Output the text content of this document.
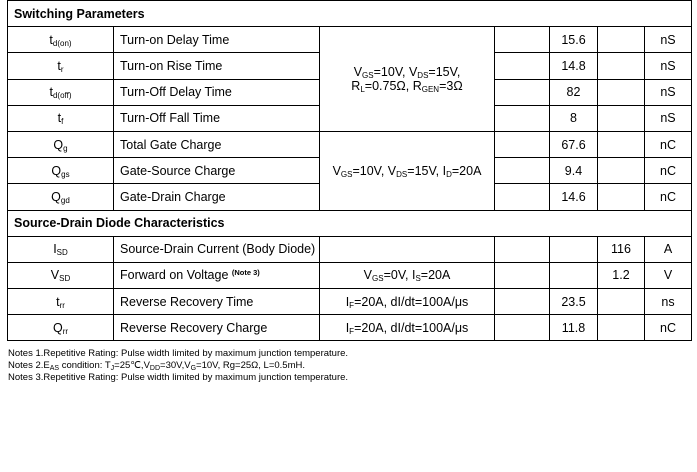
Switching Parameters						
$t_{d(on)}$	Turn-on Delay Time	$V_{GS}=10V$, $V_{DS}=15V$,
$R_L=0.75\Omega$, $R_{GEN}=3\Omega$		15.6		nS
$t_r$	Turn-on Rise Time			14.8		nS
$t_{d(off)}$	Turn-Off Delay Time			82		nS
$t_f$	Turn-Off Fall Time			8		nS
$Q_g$	Total Gate Charge	$V_{GS}=10V$, $V_{DS}=15V$, $I_D=20A$		67.6		nC
$Q_{gs}$	Gate-Source Charge			9.4		nC
$Q_{gd}$	Gate-Drain Charge			14.6		nC
Source-Drain Diode Characteristics						
$I_{SD}$	Source-Drain Current (Body Diode)				116	A
$V_{SD}$	Forward on Voltage $^{(Note 3)}$	$V_{GS}=0V$, $I_S=20A$			1.2	V
$t_{rr}$	Reverse Recovery Time	$I_F=20A$, dI/dt=100A/μs		23.5		ns
$Q_{rr}$	Reverse Recovery Charge	$I_F=20A$, dI/dt=100A/μs		11.8		nC
Notes 1.Repetitive Rating: Pulse width limited by maximum junction temperature.
Notes $2.E_{AS}$ condition: $T_J=25℃,V_{DD}=30V,V_G=10V$, Rg=25Ω, L=0.5mH.
Notes 3.Repetitive Rating: Pulse width limited by maximum junction temperature.
